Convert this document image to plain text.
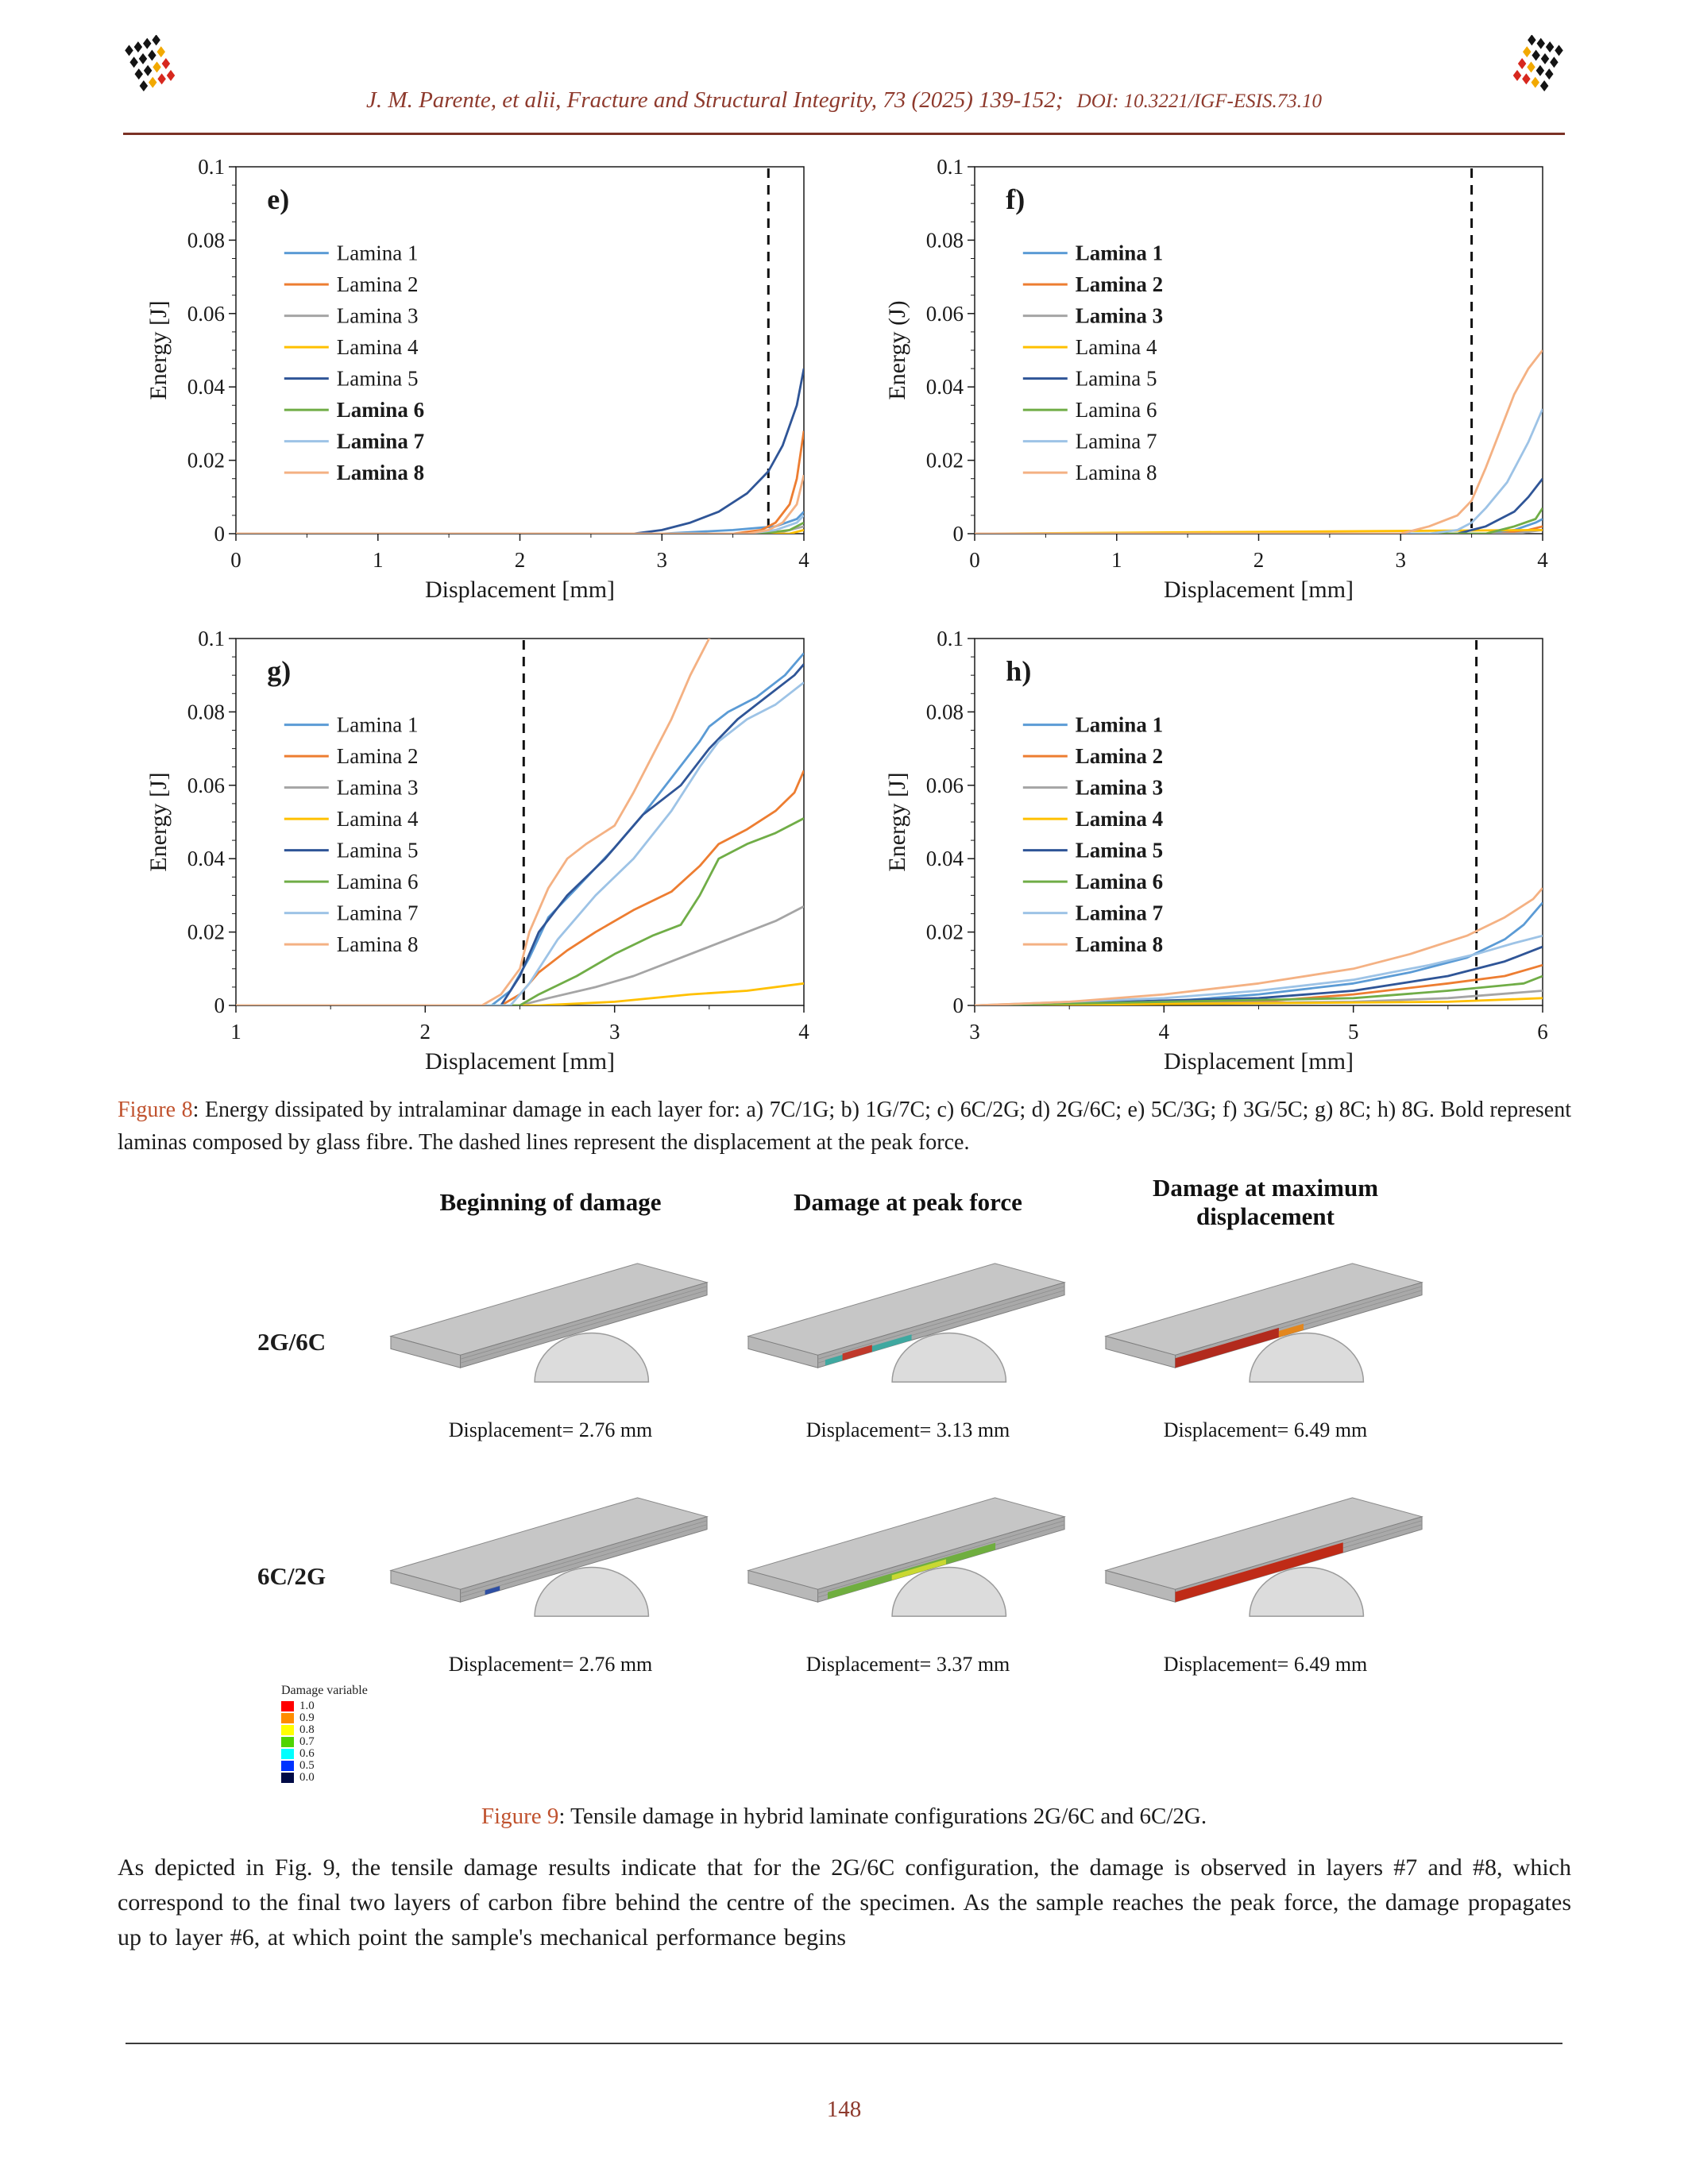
J. M. Parente, et alii, Fracture and Structural Integrity, 73 (2025) 139-152; DOI: 10.3221/IGF-ESIS.73.10
0
0.02
0.04
0.06
0.08
0.1
0	1	2	3	4
e)
Lamina 1
Lamina 2
Lamina 3
Lamina 4
Lamina 5
Lamina 6
Lamina 7
Lamina 8
Displacement [mm]
Energy [J]
0
0.02
0.04
0.06
0.08
0.1
0	1	2	3	4
f)
Lamina 1
Lamina 2
Lamina 3
Lamina 4
Lamina 5
Lamina 6
Lamina 7
Lamina 8
Displacement [mm]
Energy (J)
0
0.02
0.04
0.06
0.08
0.1
1	2	3	4
g)
Lamina 1
Lamina 2
Lamina 3
Lamina 4
Lamina 5
Lamina 6
Lamina 7
Lamina 8
Displacement [mm]
Energy [J]
0
0.02
0.04
0.06
0.08
0.1
3	4	5	6
h)
Lamina 1
Lamina 2
Lamina 3
Lamina 4
Lamina 5
Lamina 6
Lamina 7
Lamina 8
Displacement [mm]
Energy [J]

Figure 8: Energy dissipated by intralaminar damage in each layer for: a) 7C/1G; b) 1G/7C; c) 6C/2G; d) 2G/6C; e) 5C/3G; f) 3G/5C; g) 8C; h) 8G. Bold represent laminas composed by glass fibre. The dashed lines represent the displacement at the peak force.

Beginning of damage	Damage at peak force
Damage at maximum displacement
2G/6C
Displacement= 2.76 mm	Displacement= 3.13 mm	Displacement= 6.49 mm
6C/2G
Displacement= 2.76 mm	Displacement= 3.37 mm	Displacement= 6.49 mm
Damage variable
1.0
0.9
0.8
0.7
0.6
0.5
0.0

Figure 9: Tensile damage in hybrid laminate configurations 2G/6C and 6C/2G.

As depicted in Fig. 9, the tensile damage results indicate that for the 2G/6C configuration, the damage is observed in layers #7 and #8, which correspond to the final two layers of carbon fibre behind the centre of the specimen. As the sample reaches the peak force, the damage propagates up to layer #6, at which point the sample's mechanical performance begins

148
